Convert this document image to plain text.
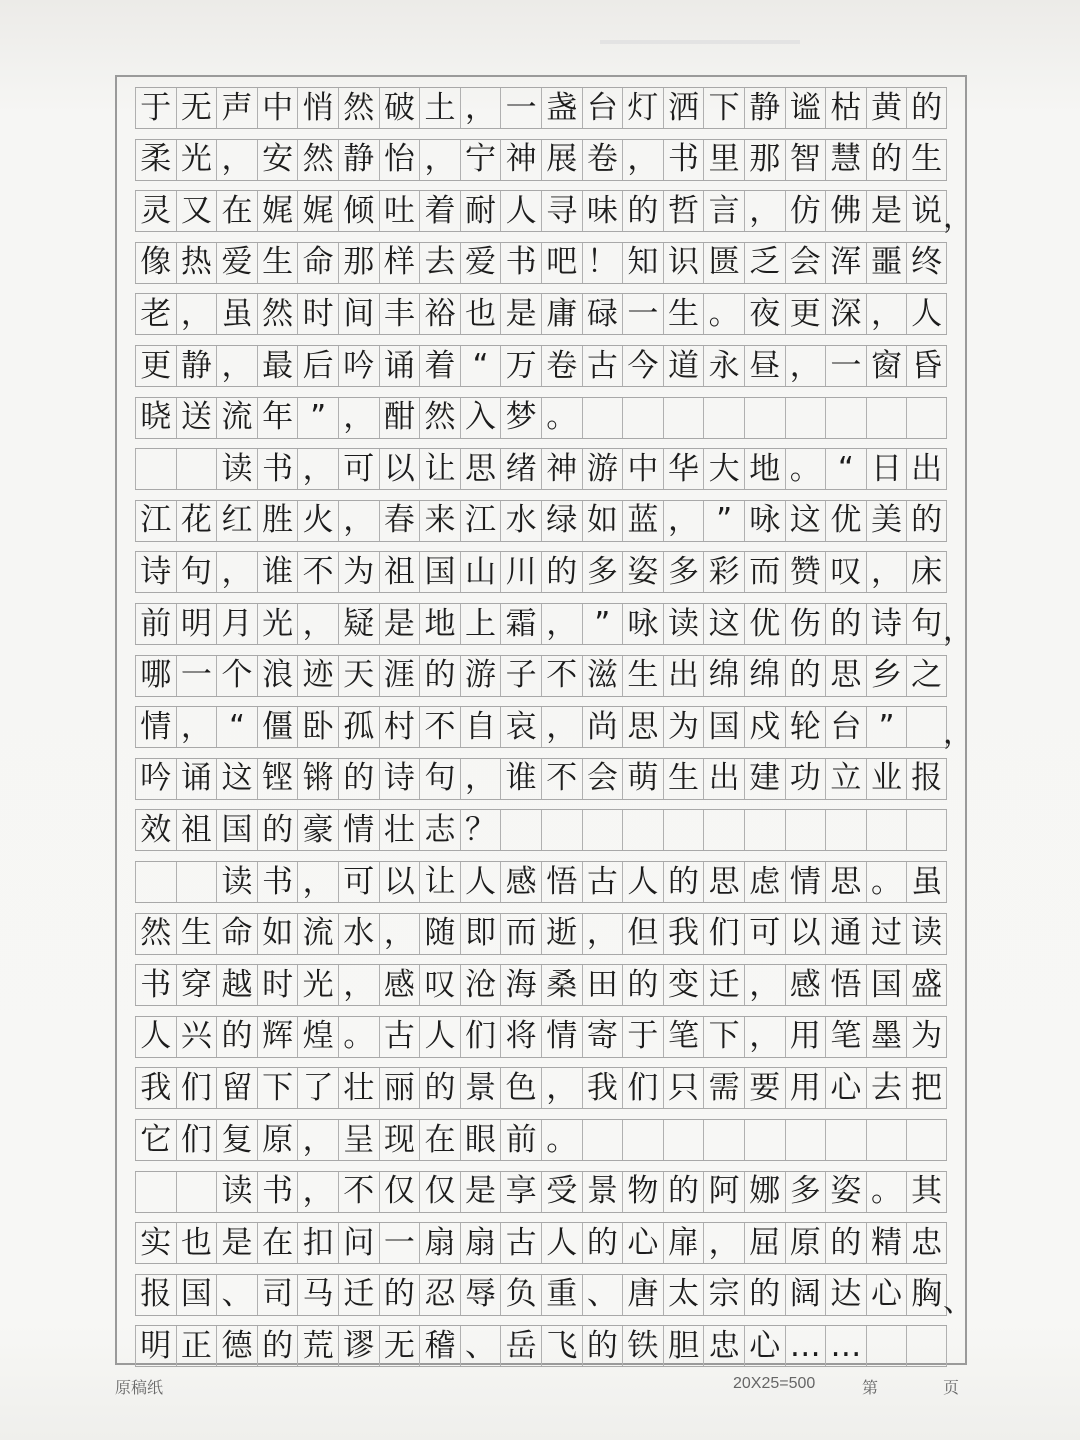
于 无 声 中 悄 然 破 土 ， 一 盏 台 灯 洒 下 静 谧 枯 黄 的
柔 光 ， 安 然 静 怡 ， 宁 神 展 卷 ， 书 里 那 智 慧 的 生
灵 又 在 娓 娓 倾 吐 着 耐 人 寻 味 的 哲 言 ， 仿 佛 是 说
像 热 爱 生 命 那 样 去 爱 书 吧 ！ 知 识 匮 乏 会 浑 噩 终
老 ， 虽 然 时 间 丰 裕 也 是 庸 碌 一 生 。 夜 更 深 ， 人
更 静 ， 最 后 吟 诵 着 “ 万 卷 古 今 道 永 昼 ， 一 窗 昏
晓 送 流 年 ” ， 酣 然 入 梦 。
读 书 ， 可 以 让 思 绪 神 游 中 华 大 地 。 “ 日 出
江 花 红 胜 火 ， 春 来 江 水 绿 如 蓝 ， ” 咏 这 优 美 的
诗 句 ， 谁 不 为 祖 国 山 川 的 多 姿 多 彩 而 赞 叹 ， 床
前 明 月 光 ， 疑 是 地 上 霜 ， ” 咏 读 这 优 伤 的 诗 句
哪 一 个 浪 迹 天 涯 的 游 子 不 滋 生 出 绵 绵 的 思 乡 之
情 ， “ 僵 卧 孤 村 不 自 哀 ， 尚 思 为 国 戍 轮 台 ”
吟 诵 这 铿 锵 的 诗 句 ， 谁 不 会 萌 生 出 建 功 立 业 报
效 祖 国 的 豪 情 壮 志 ？
读 书 ， 可 以 让 人 感 悟 古 人 的 思 虑 情 思 。 虽
然 生 命 如 流 水 ， 随 即 而 逝 ， 但 我 们 可 以 通 过 读
书 穿 越 时 光 ， 感 叹 沧 海 桑 田 的 变 迁 ， 感 悟 国 盛
人 兴 的 辉 煌 。 古 人 们 将 情 寄 于 笔 下 ， 用 笔 墨 为
我 们 留 下 了 壮 丽 的 景 色 ， 我 们 只 需 要 用 心 去 把
它 们 复 原 ， 呈 现 在 眼 前 。
读 书 ， 不 仅 仅 是 享 受 景 物 的 阿 娜 多 姿 。 其
实 也 是 在 扣 问 一 扇 扇 古 人 的 心 扉 ， 屈 原 的 精 忠
报 国 、 司 马 迁 的 忍 辱 负 重 、 唐 太 宗 的 阔 达 心 胸
明 正 德 的 荒 谬 无 稽 、 岳 飞 的 铁 胆 忠 心 … …
，
，
，
、
原稿纸	20X25=500	第	页
